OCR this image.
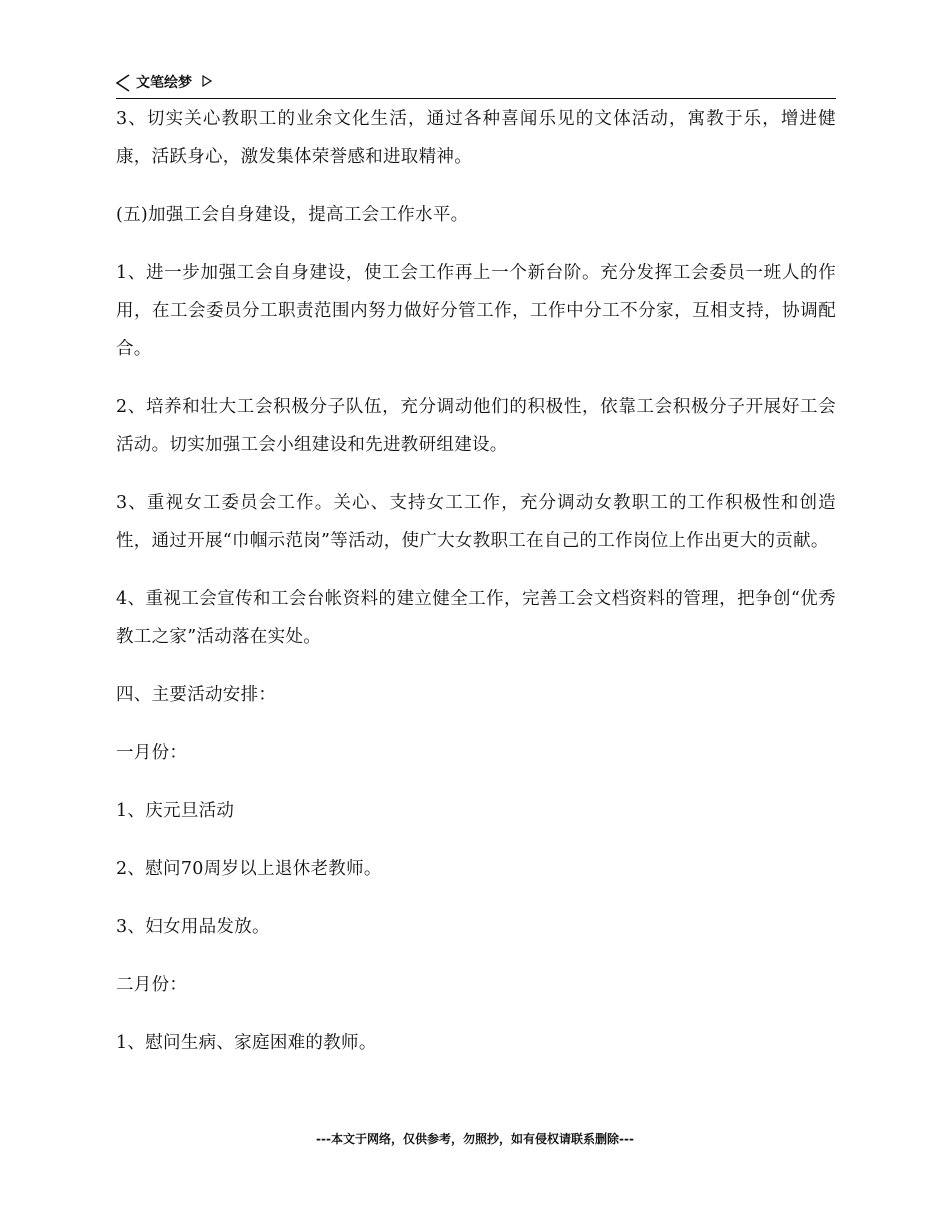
文笔绘梦

3、切实关心教职工的业余文化生活，通过各种喜闻乐见的文体活动，寓教于乐，增进健康，活跃身心，激发集体荣誉感和进取精神。

(五)加强工会自身建设，提高工会工作水平。

1、进一步加强工会自身建设，使工会工作再上一个新台阶。充分发挥工会委员一班人的作用，在工会委员分工职责范围内努力做好分管工作，工作中分工不分家，互相支持，协调配合。

2、培养和壮大工会积极分子队伍，充分调动他们的积极性，依靠工会积极分子开展好工会活动。切实加强工会小组建设和先进教研组建设。

3、重视女工委员会工作。关心、支持女工工作，充分调动女教职工的工作积极性和创造性，通过开展“巾帼示范岗”等活动，使广大女教职工在自己的工作岗位上作出更大的贡献。

4、重视工会宣传和工会台帐资料的建立健全工作，完善工会文档资料的管理，把争创“优秀教工之家”活动落在实处。

四、主要活动安排：

一月份：

1、庆元旦活动

2、慰问70周岁以上退休老教师。

3、妇女用品发放。

二月份：

1、慰问生病、家庭困难的教师。

---本文于网络，仅供参考，勿照抄，如有侵权请联系删除---
